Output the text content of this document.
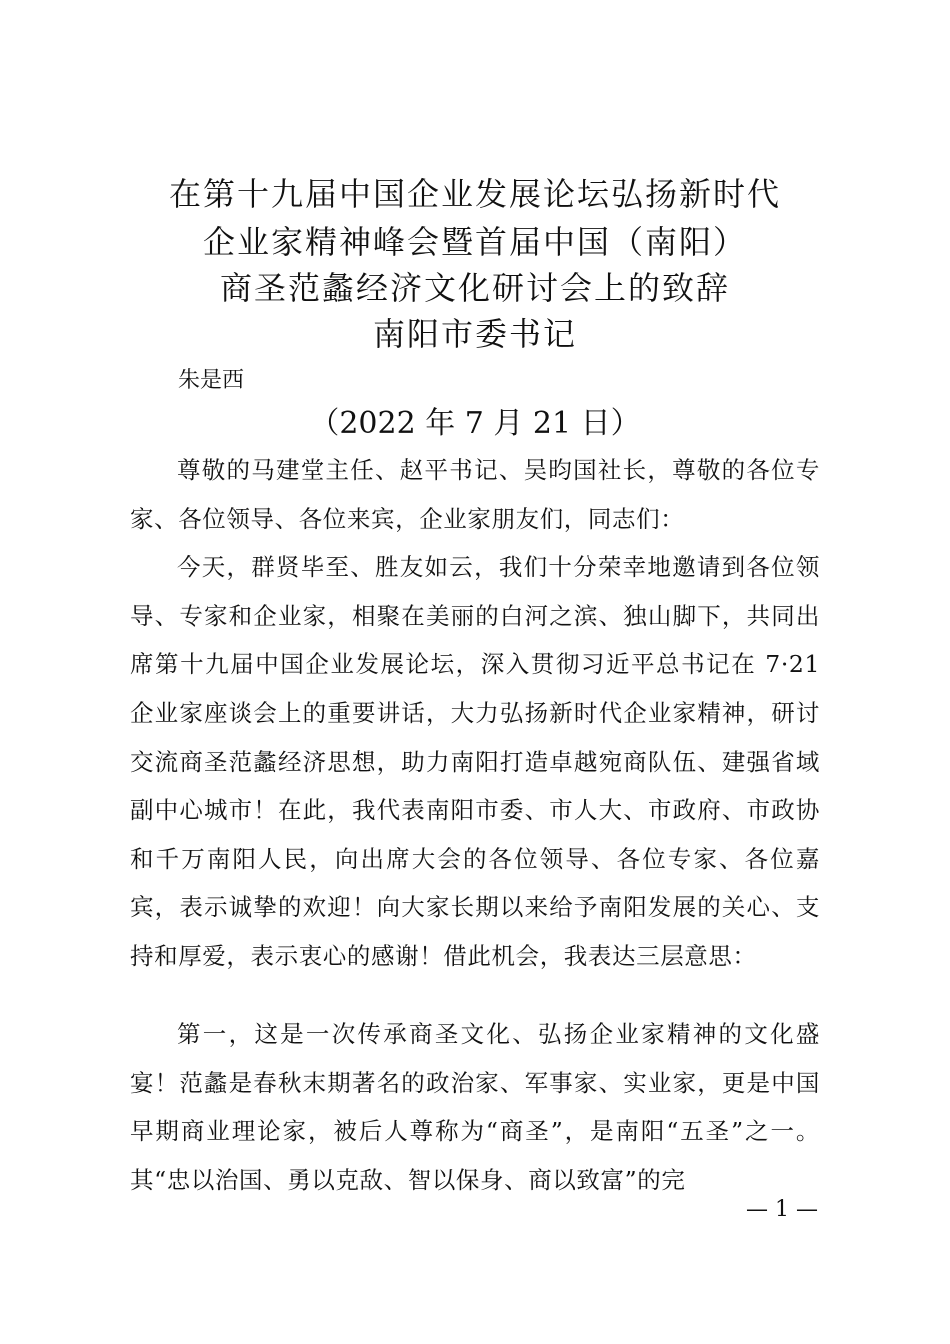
在第十九届中国企业发展论坛弘扬新时代
企业家精神峰会暨首届中国（南阳）
商圣范蠡经济文化研讨会上的致辞
南阳市委书记
朱是西
（2022 年 7 月 21 日）

尊敬的马建堂主任、赵平书记、吴昀国社长，尊敬的各位专家、各位领导、各位来宾，企业家朋友们，同志们：

今天，群贤毕至、胜友如云，我们十分荣幸地邀请到各位领导、专家和企业家，相聚在美丽的白河之滨、独山脚下，共同出席第十九届中国企业发展论坛，深入贯彻习近平总书记在 7·21 企业家座谈会上的重要讲话，大力弘扬新时代企业家精神，研讨交流商圣范蠡经济思想，助力南阳打造卓越宛商队伍、建强省域副中心城市！在此，我代表南阳市委、市人大、市政府、市政协和千万南阳人民，向出席大会的各位领导、各位专家、各位嘉宾，表示诚挚的欢迎！向大家长期以来给予南阳发展的关心、支持和厚爱，表示衷心的感谢！借此机会，我表达三层意思：

第一，这是一次传承商圣文化、弘扬企业家精神的文化盛宴！范蠡是春秋末期著名的政治家、军事家、实业家，更是中国早期商业理论家，被后人尊称为“商圣”，是南阳“五圣”之一。其“忠以治国、勇以克敌、智以保身、商以致富”的完

— 1 —
